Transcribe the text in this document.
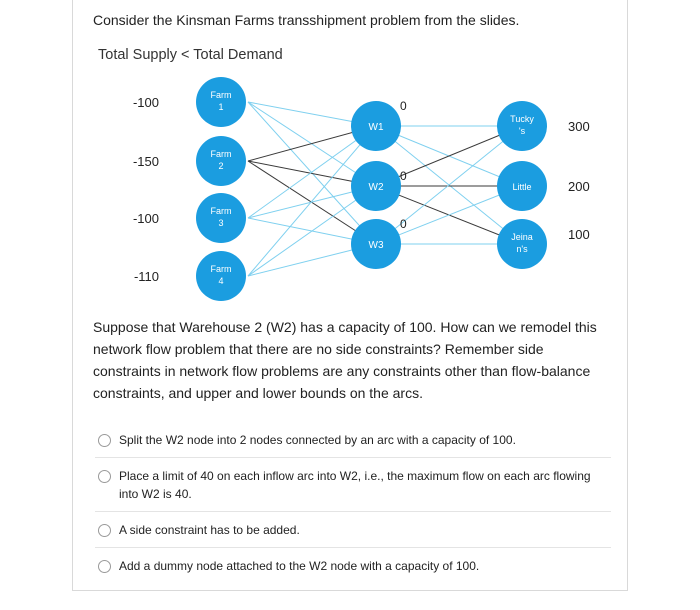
Consider the Kinsman Farms transshipment problem from the slides.
Total Supply < Total Demand
-100
-150
-100
-110
Farm
1
Farm
2
Farm
3
Farm
4
W1
0
W2
0
W3
0
Tucky
's	300
Little	200
Jeina
n's
100
Suppose that Warehouse 2 (W2) has a capacity of 100. How can we remodel this network flow problem that there are no side constraints? Remember side constraints in network flow problems are any constraints other than flow-balance constraints, and upper and lower bounds on the arcs.
Split the W2 node into 2 nodes connected by an arc with a capacity of 100.
Place a limit of 40 on each inflow arc into W2, i.e., the maximum flow on each arc flowing into W2 is 40.
A side constraint has to be added.
Add a dummy node attached to the W2 node with a capacity of 100.
